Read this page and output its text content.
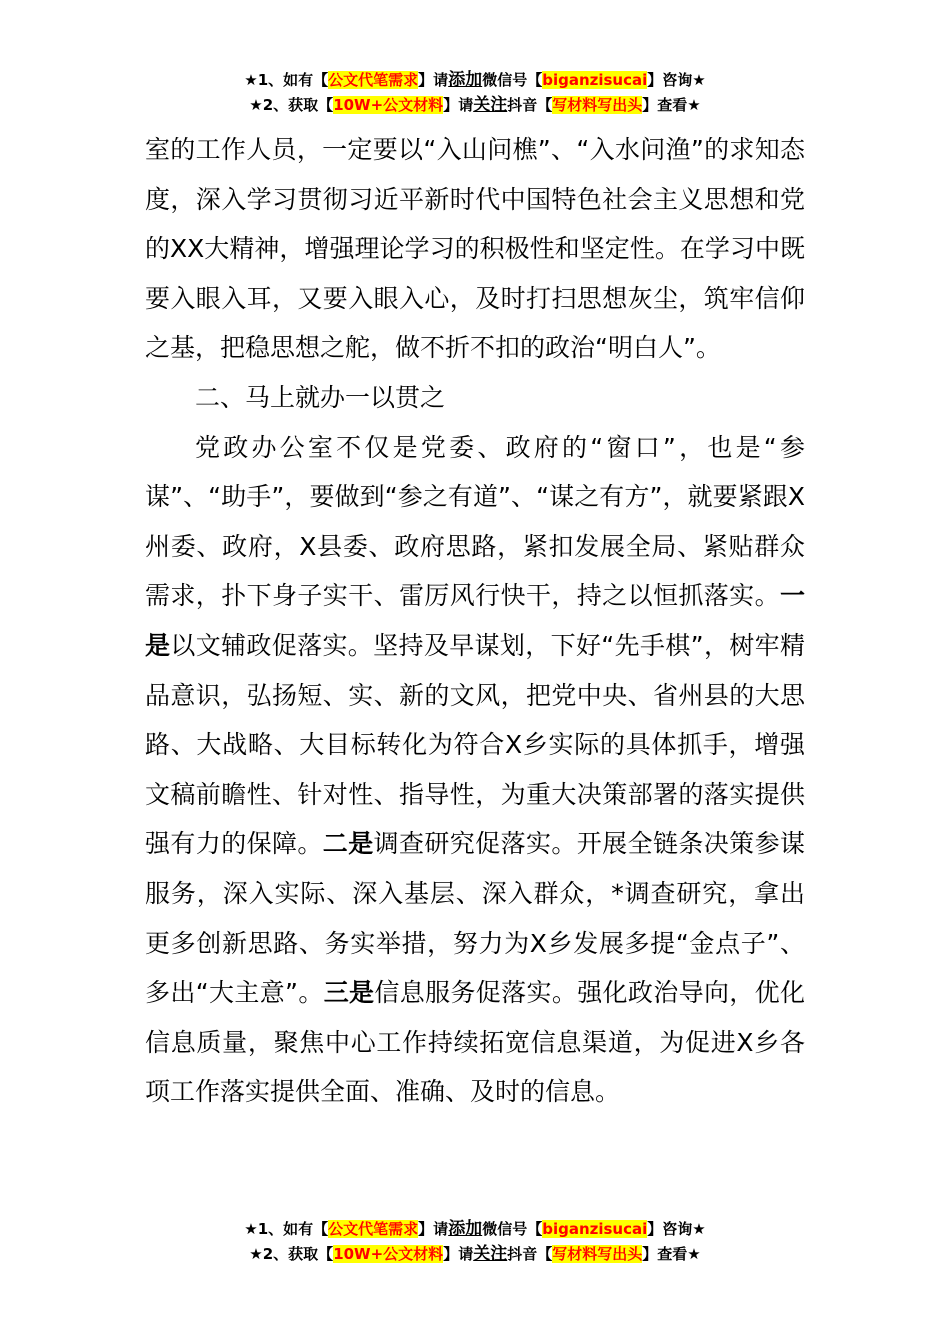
★1、如有【公文代笔需求】请添加微信号【biganzisucai】咨询★
★2、获取【10W+公文材料】请关注抖音【写材料写出头】查看★

室的工作人员，一定要以“入山问樵”、“入水问渔”的求知态度，深入学习贯彻习近平新时代中国特色社会主义思想和党的XX大精神，增强理论学习的积极性和坚定性。在学习中既要入眼入耳，又要入眼入心，及时打扫思想灰尘，筑牢信仰之基，把稳思想之舵，做不折不扣的政治“明白人”。

二、马上就办一以贯之

党政办公室不仅是党委、政府的“窗口”，也是“参谋”、“助手”，要做到“参之有道”、“谋之有方”，就要紧跟X州委、政府，X县委、政府思路，紧扣发展全局、紧贴群众需求，扑下身子实干、雷厉风行快干，持之以恒抓落实。一是以文辅政促落实。坚持及早谋划，下好“先手棋”，树牢精品意识，弘扬短、实、新的文风，把党中央、省州县的大思路、大战略、大目标转化为符合X乡实际的具体抓手，增强文稿前瞻性、针对性、指导性，为重大决策部署的落实提供强有力的保障。二是调查研究促落实。开展全链条决策参谋服务，深入实际、深入基层、深入群众，*调查研究，拿出更多创新思路、务实举措，努力为X乡发展多提“金点子”、多出“大主意”。三是信息服务促落实。强化政治导向，优化信息质量，聚焦中心工作持续拓宽信息渠道，为促进X乡各项工作落实提供全面、准确、及时的信息。

★1、如有【公文代笔需求】请添加微信号【biganzisucai】咨询★
★2、获取【10W+公文材料】请关注抖音【写材料写出头】查看★
